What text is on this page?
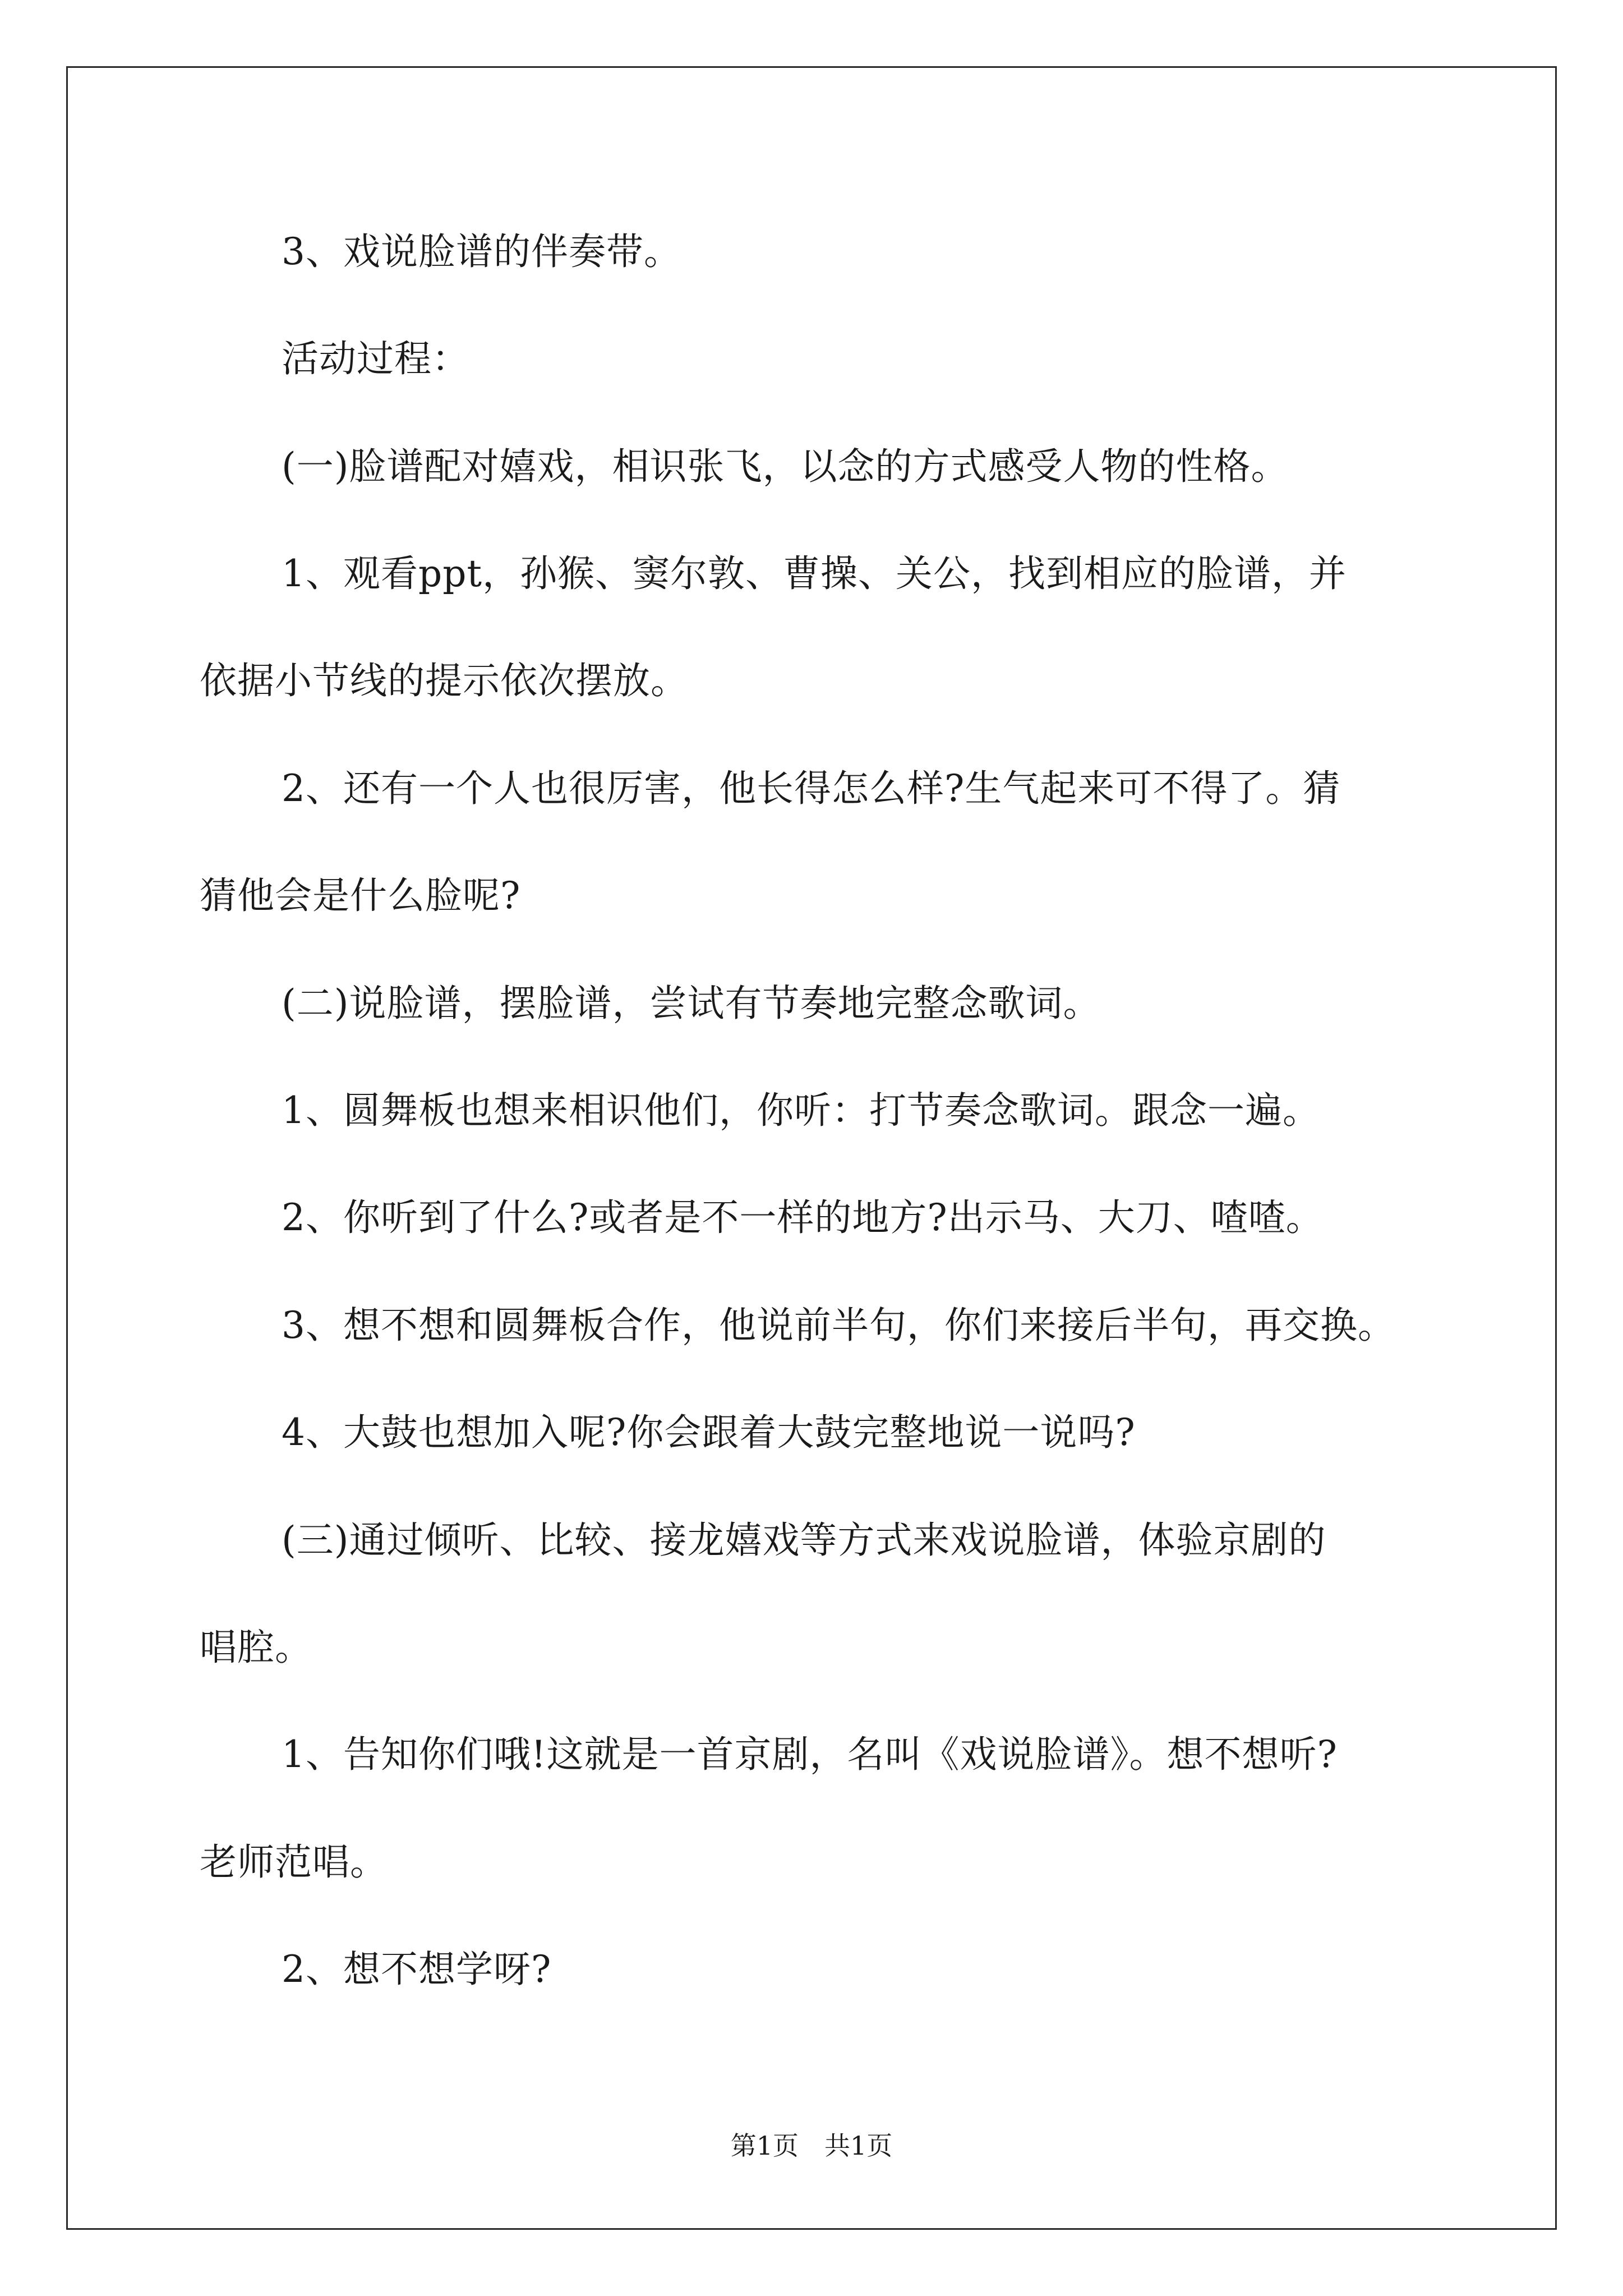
3、戏说脸谱的伴奏带。
活动过程：
(一)脸谱配对嬉戏，相识张飞，以念的方式感受人物的性格。
1、观看ppt，孙猴、窦尔敦、曹操、关公，找到相应的脸谱，并
依据小节线的提示依次摆放。
2、还有一个人也很厉害，他长得怎么样?生气起来可不得了。猜
猜他会是什么脸呢?
(二)说脸谱，摆脸谱，尝试有节奏地完整念歌词。
1、圆舞板也想来相识他们，你听：打节奏念歌词。跟念一遍。
2、你听到了什么?或者是不一样的地方?出示马、大刀、喳喳。
3、想不想和圆舞板合作，他说前半句，你们来接后半句，再交换。
4、大鼓也想加入呢?你会跟着大鼓完整地说一说吗?
(三)通过倾听、比较、接龙嬉戏等方式来戏说脸谱，体验京剧的
唱腔。
1、告知你们哦!这就是一首京剧，名叫《戏说脸谱》。想不想听?
老师范唱。
2、想不想学呀?
第1页　共1页
